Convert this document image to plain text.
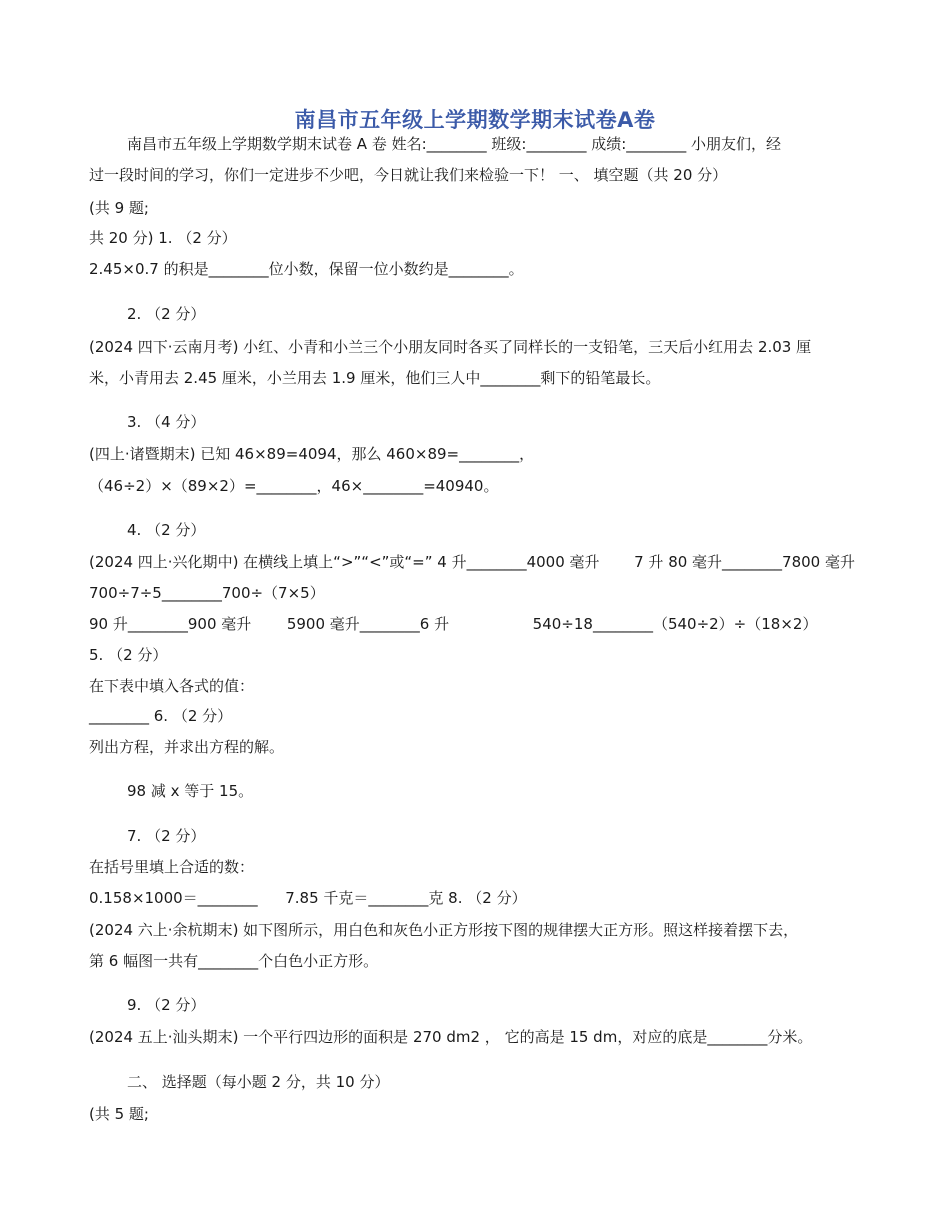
南昌市五年级上学期数学期末试卷A卷
南昌市五年级上学期数学期末试卷 A 卷 姓名:________ 班级:________ 成绩:________ 小朋友们，经
过一段时间的学习，你们一定进步不少吧，今日就让我们来检验一下！ 一、 填空题（共 20 分）
(共 9 题;
共 20 分) 1. （2 分）
2.45×0.7 的积是________位小数，保留一位小数约是________。
2. （2 分）
(2024 四下·云南月考) 小红、小青和小兰三个小朋友同时各买了同样长的一支铅笔，三天后小红用去 2.03 厘
米，小青用去 2.45 厘米，小兰用去 1.9 厘米，他们三人中________剩下的铅笔最长。
3. （4 分）
(四上·诸暨期末) 已知 46×89=4094，那么 460×89=________，
（46÷2）×（89×2）=________，46×________=40940。
4. （2 分）
(2024 四上·兴化期中) 在横线上填上“>”“<”或“=” 4 升________4000 毫升 7 升 80 毫升________7800 毫升
700÷7÷5________700÷（7×5）
90 升________900 毫升 5900 毫升________6 升	540÷18________（540÷2）÷（18×2）
5. （2 分）
在下表中填入各式的值：
________ 6. （2 分）
列出方程，并求出方程的解。
98 减 x 等于 15。
7. （2 分）
在括号里填上合适的数：
0.158×1000＝________ 7.85 千克＝________克 8. （2 分）
(2024 六上·余杭期末) 如下图所示，用白色和灰色小正方形按下图的规律摆大正方形。照这样接着摆下去，
第 6 幅图一共有________个白色小正方形。
9. （2 分）
(2024 五上·汕头期末) 一个平行四边形的面积是 270 dm2 ， 它的高是 15 dm，对应的底是________分米。
二、 选择题（每小题 2 分，共 10 分）
(共 5 题;
